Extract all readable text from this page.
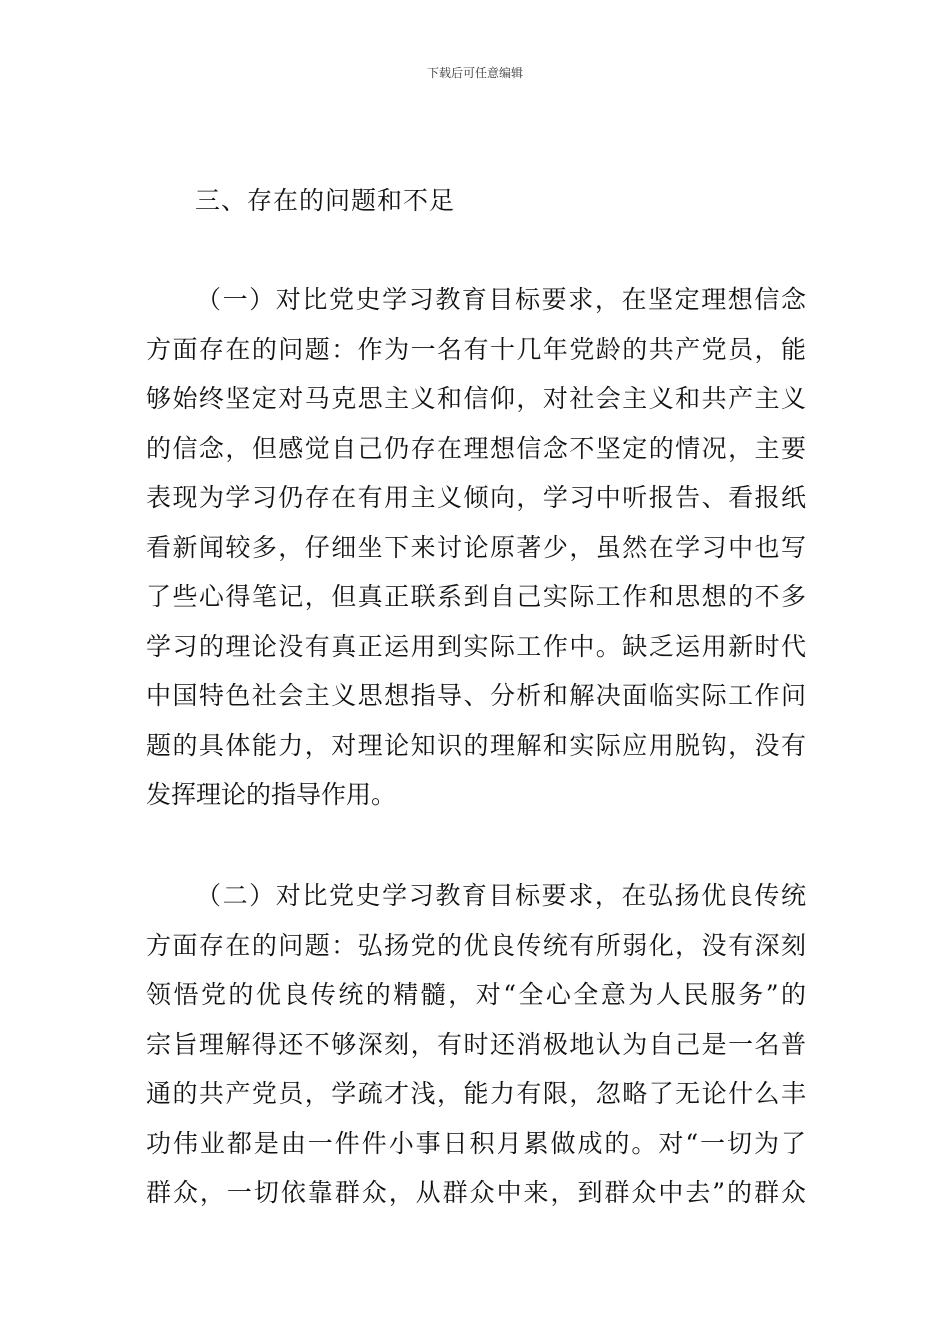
下载后可任意编辑
三、存在的问题和不足
（一）对比党史学习教育目标要求，在坚定理想信念
方面存在的问题：作为一名有十几年党龄的共产党员，能
够始终坚定对马克思主义和信仰，对社会主义和共产主义
的信念，但感觉自己仍存在理想信念不坚定的情况，主要
表现为学习仍存在有用主义倾向，学习中听报告、看报纸
看新闻较多，仔细坐下来讨论原著少，虽然在学习中也写
了些心得笔记，但真正联系到自己实际工作和思想的不多
学习的理论没有真正运用到实际工作中。缺乏运用新时代
中国特色社会主义思想指导、分析和解决面临实际工作问
题的具体能力，对理论知识的理解和实际应用脱钩，没有
发挥理论的指导作用。
（二）对比党史学习教育目标要求，在弘扬优良传统
方面存在的问题：弘扬党的优良传统有所弱化，没有深刻
领悟党的优良传统的精髓，对“全心全意为人民服务”的
宗旨理解得还不够深刻，有时还消极地认为自己是一名普
通的共产党员，学疏才浅，能力有限，忽略了无论什么丰
功伟业都是由一件件小事日积月累做成的。对“一切为了
群众，一切依靠群众，从群众中来，到群众中去”的群众
